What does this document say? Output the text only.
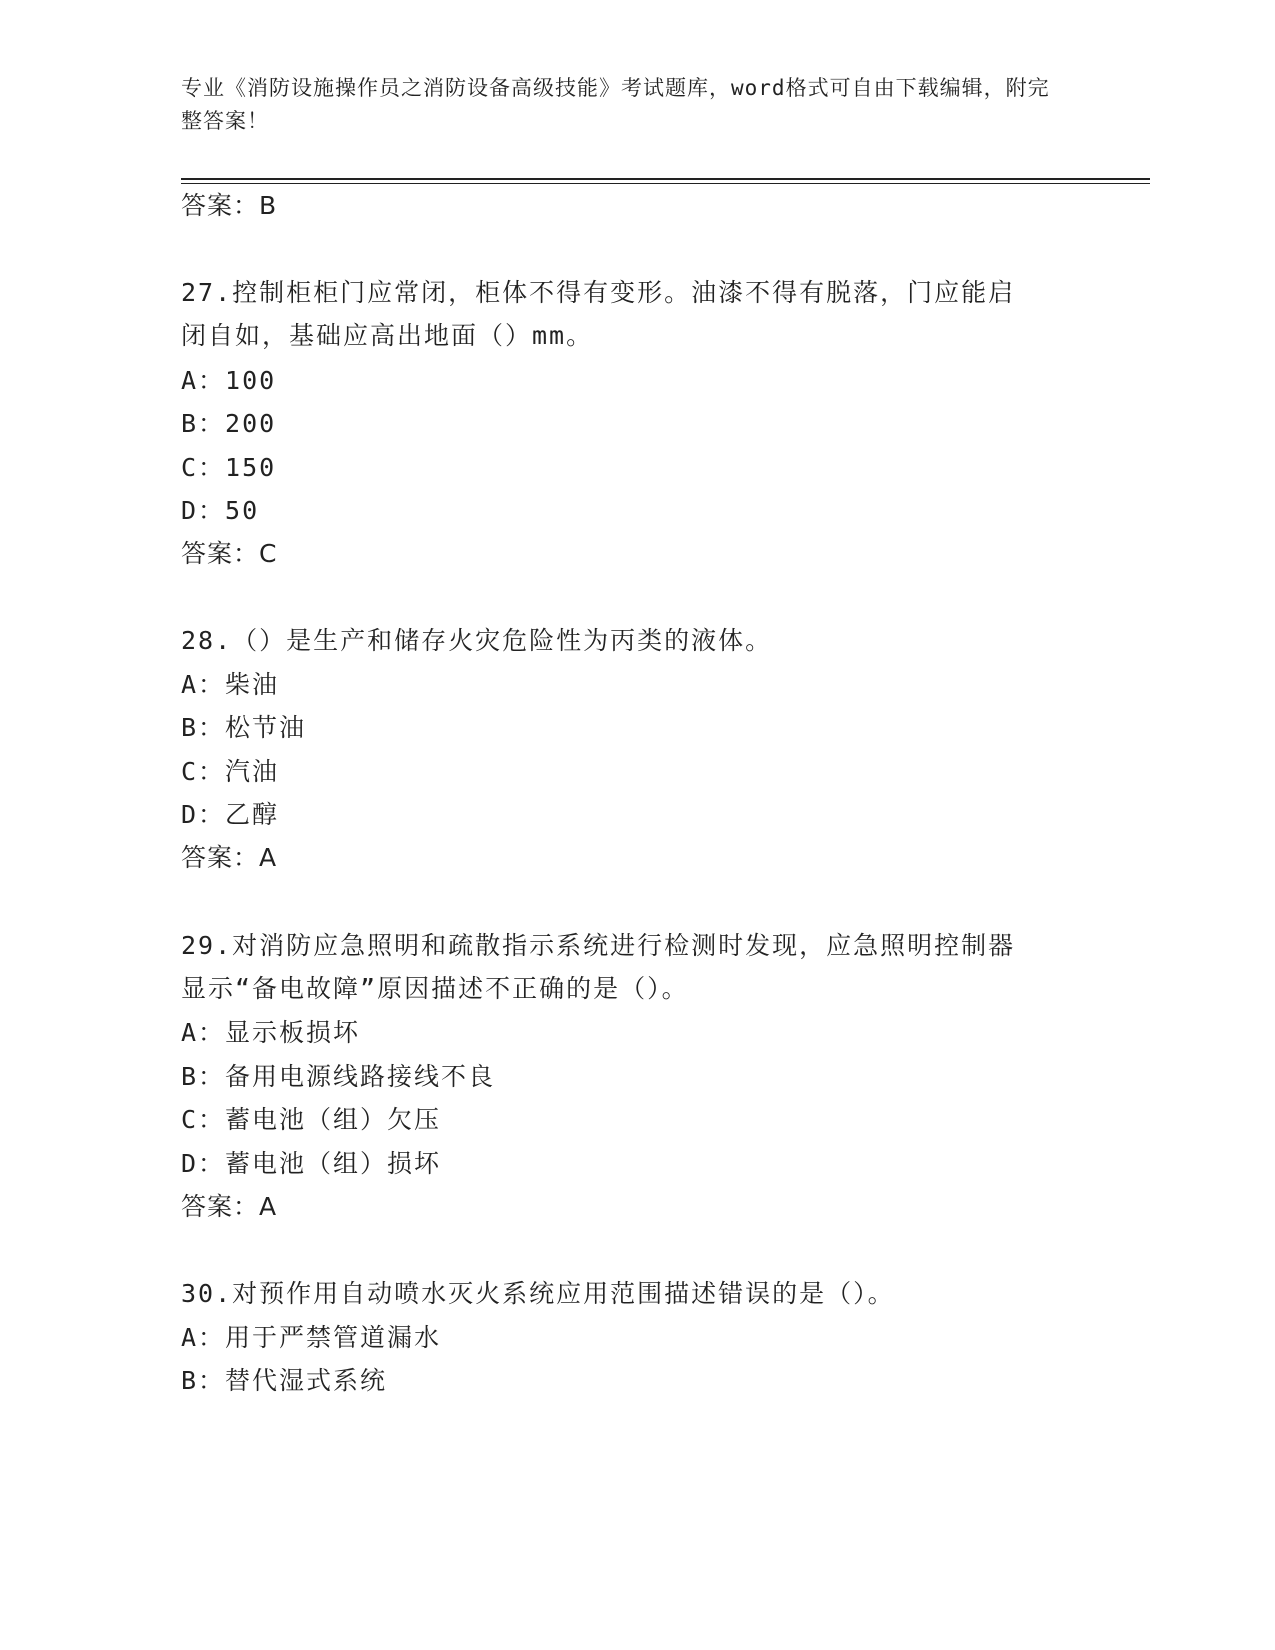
专业《消防设施操作员之消防设备高级技能》考试题库，word格式可自由下载编辑，附完整答案！
答案：B
27.控制柜柜门应常闭，柜体不得有变形。油漆不得有脱落，门应能启
闭自如，基础应高出地面（）mm。
A：100
B：200
C：150
D：50
答案：C
28.（）是生产和储存火灾危险性为丙类的液体。
A：柴油
B：松节油
C：汽油
D：乙醇
答案：A
29.对消防应急照明和疏散指示系统进行检测时发现，应急照明控制器
显示“备电故障”原因描述不正确的是（）。
A：显示板损坏
B：备用电源线路接线不良
C：蓄电池（组）欠压
D：蓄电池（组）损坏
答案：A
30.对预作用自动喷水灭火系统应用范围描述错误的是（）。
A：用于严禁管道漏水
B：替代湿式系统
